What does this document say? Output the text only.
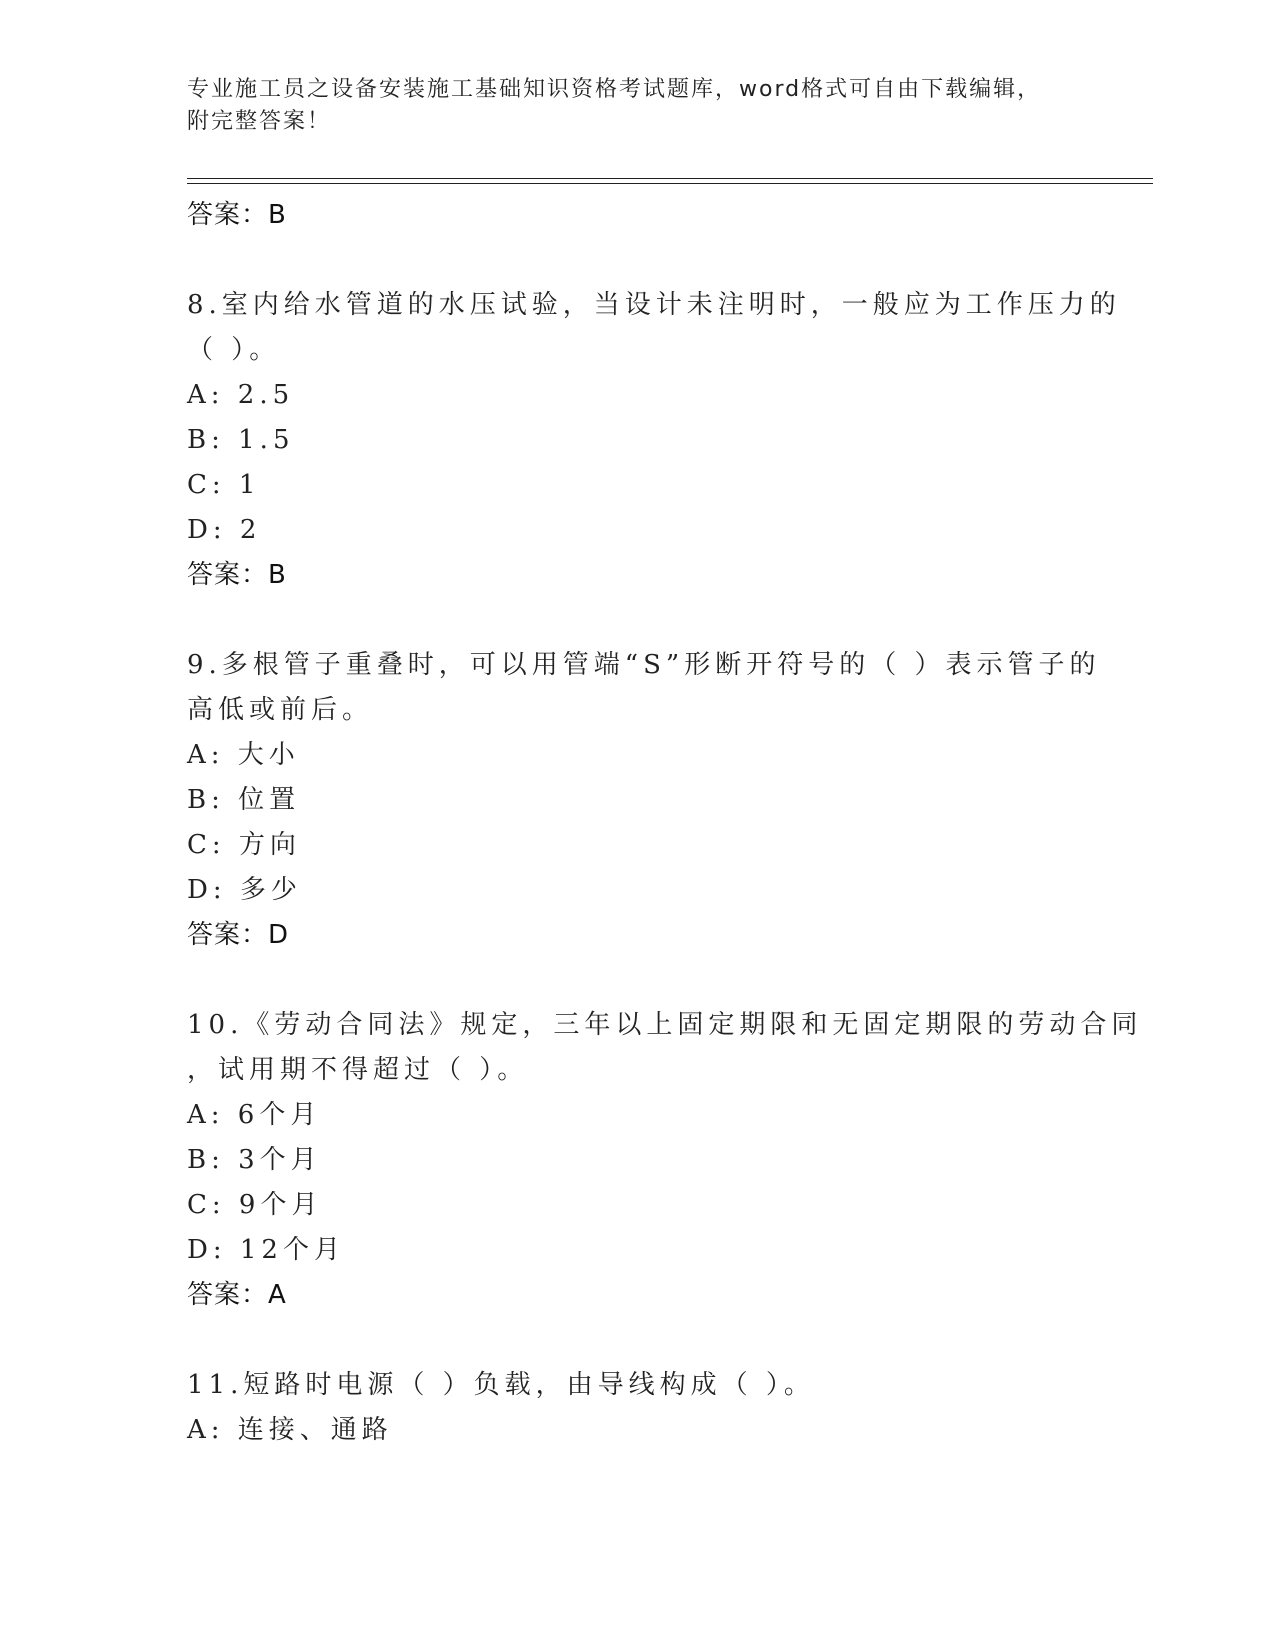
专业施工员之设备安装施工基础知识资格考试题库，word格式可自由下载编辑，
附完整答案！
答案：B
8.室内给水管道的水压试验，当设计未注明时，一般应为工作压力的
（ ）。
A: 2.5
B: 1.5
C: 1
D: 2
答案：B
9.多根管子重叠时，可以用管端“S”形断开符号的（ ）表示管子的
高低或前后。
A: 大小
B: 位置
C: 方向
D: 多少
答案：D
10.《劳动合同法》规定，三年以上固定期限和无固定期限的劳动合同
，试用期不得超过（ ）。
A: 6个月
B: 3个月
C: 9个月
D: 12个月
答案：A
11.短路时电源（ ）负载，由导线构成（ ）。
A: 连接、通路
